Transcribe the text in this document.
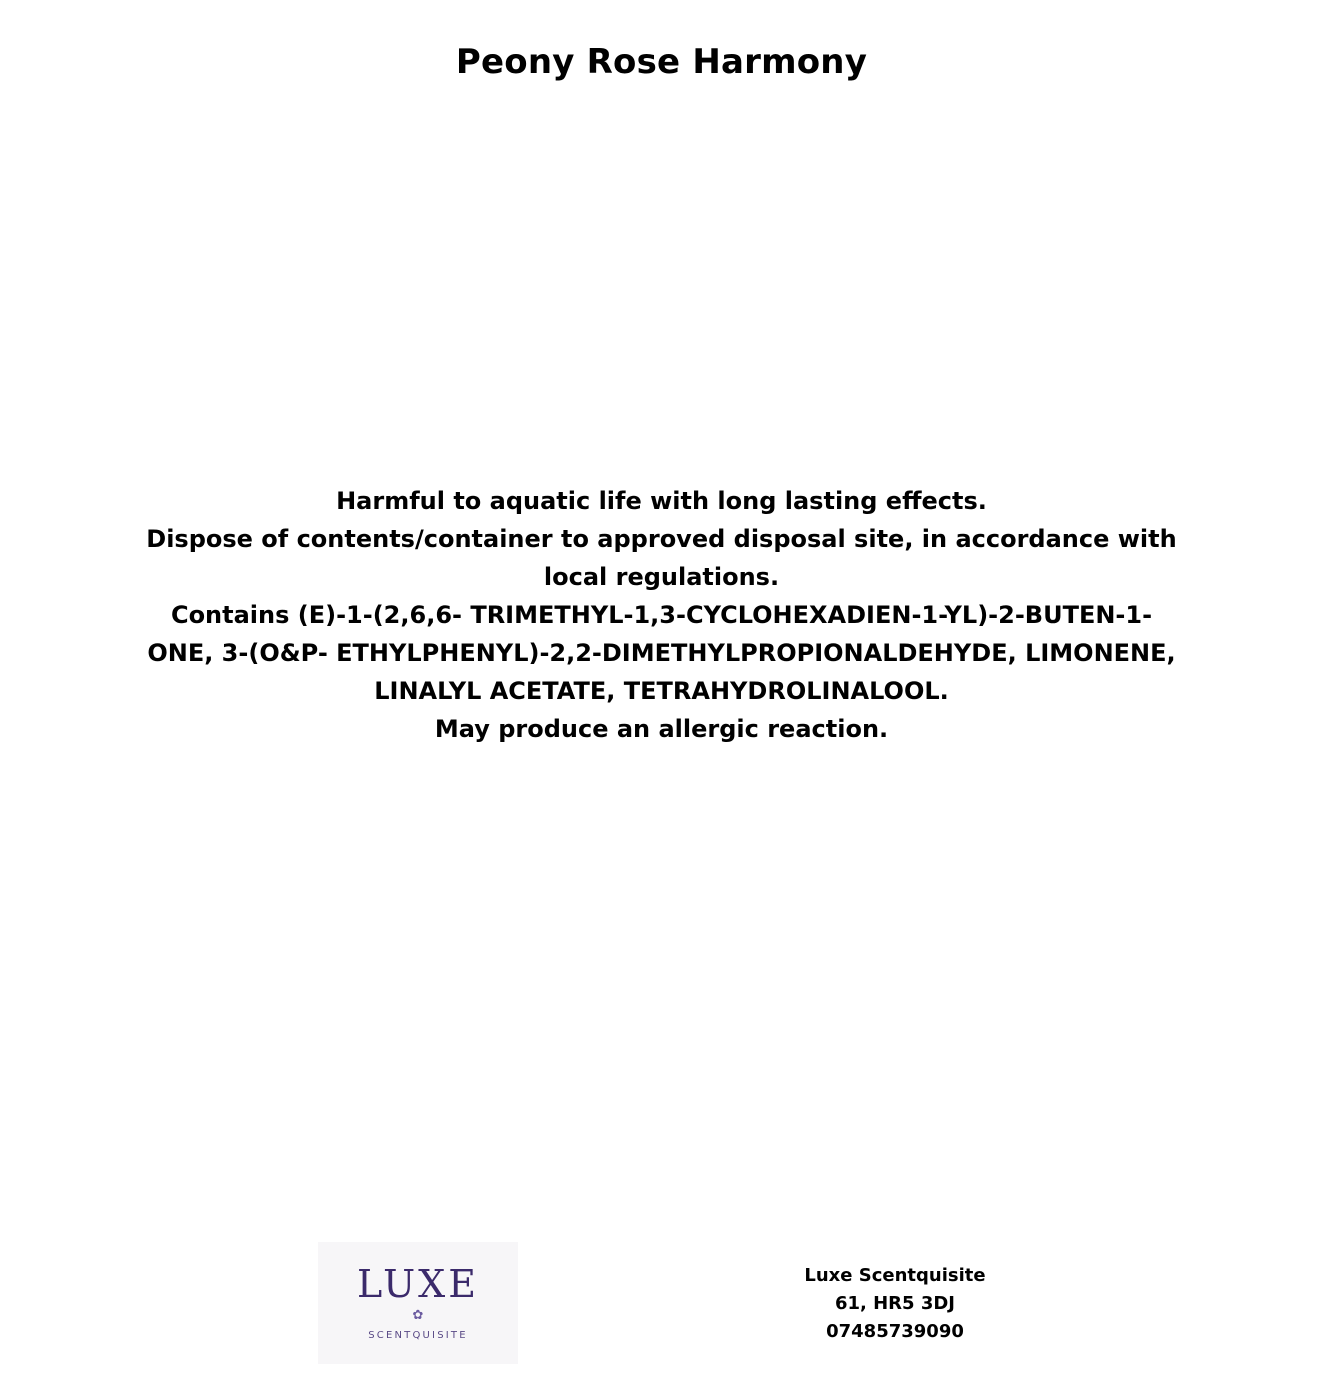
Peony Rose Harmony
Harmful to aquatic life with long lasting effects.
Dispose of contents/container to approved disposal site, in accordance with local regulations.
Contains (E)-1-(2,6,6- TRIMETHYL-1,3-CYCLOHEXADIEN-1-YL)-2-BUTEN-1-ONE, 3-(O&P- ETHYLPHENYL)-2,2-DIMETHYLPROPIONALDEHYDE, LIMONENE, LINALYL ACETATE, TETRAHYDROLINALOOL.
May produce an allergic reaction.
LUXE
✿
SCENTQUISITE
Luxe Scentquisite
61, HR5 3DJ
07485739090
